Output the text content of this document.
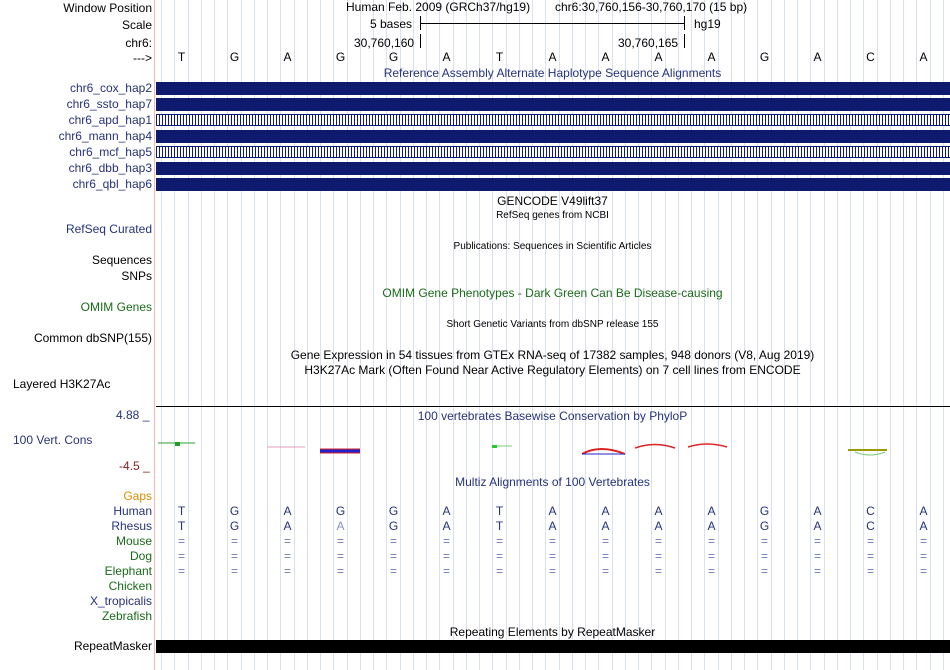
Window Position	Human Feb. 2009 (GRCh37/hg19) chr6:30,760,156-30,760,170 (15 bp)
Scale	5 bases	hg19
chr6:	30,760,160	30,760,165
---> T	G	A	G	G	A	T	A	A	A	A	G	A	C	A
Reference Assembly Alternate Haplotype Sequence Alignments
chr6_cox_hap2
chr6_ssto_hap7
chr6_apd_hap1
chr6_mann_hap4
chr6_mcf_hap5
chr6_dbb_hap3
chr6_qbl_hap6
GENCODE V49lift37
RefSeq genes from NCBI
RefSeq Curated
Publications: Sequences in Scientific Articles
Sequences
SNPs
OMIM Gene Phenotypes - Dark Green Can Be Disease-causing
OMIM Genes
Short Genetic Variants from dbSNP release 155
Common dbSNP(155)
Gene Expression in 54 tissues from GTEx RNA-seq of 17382 samples, 948 donors (V8, Aug 2019)
H3K27Ac Mark (Often Found Near Active Regulatory Elements) on 7 cell lines from ENCODE
Layered H3K27Ac
100 vertebrates Basewise Conservation by PhyloP
4.88 _
100 Vert. Cons
-4.5 _
Multiz Alignments of 100 Vertebrates
Gaps
Human T	G	A	G	G	A	T	A	A	A	A	G	A	C	A
Rhesus T	G	A	A	G	A	T	A	A	A	A	G	A	C	A
Mouse =	=	=	=	=	=	=	=	=	=	=	=	=	=	=
Dog =	=	=	=	=	=	=	=	=	=	=	=	=	=	=
Elephant =	=	=	=	=	=	=	=	=	=	=	=	=	=	=
Chicken
X_tropicalis
Zebrafish
Repeating Elements by RepeatMasker
RepeatMasker
